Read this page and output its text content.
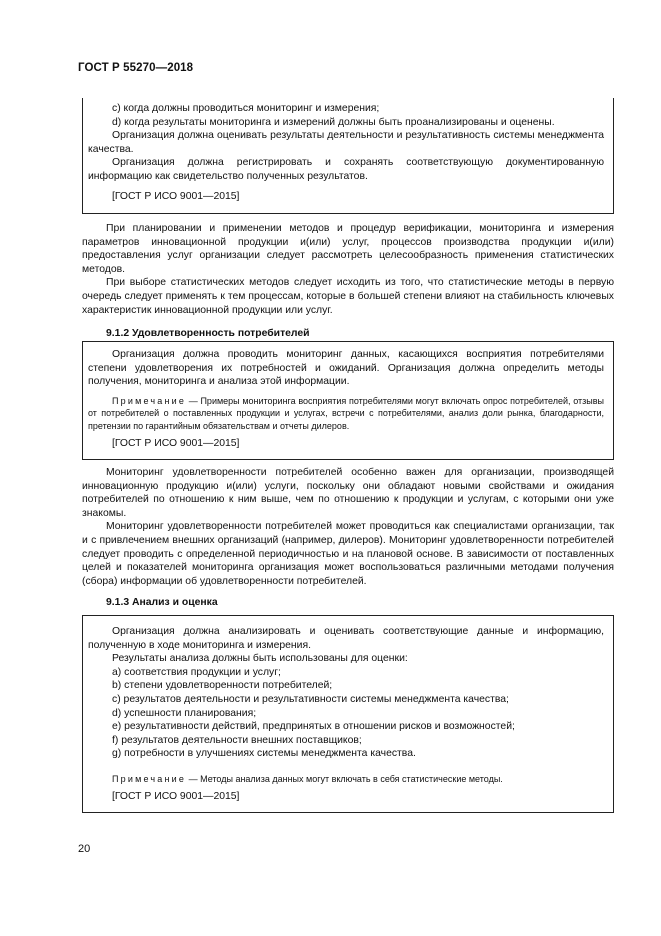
ГОСТ Р 55270—2018

c) когда должны проводиться мониторинг и измерения;

d) когда результаты мониторинга и измерений должны быть проанализированы и оценены.

Организация должна оценивать результаты деятельности и результативность системы менеджмента качества.

Организация должна регистрировать и сохранять соответствующую документированную информацию как свидетельство полученных результатов.

[ГОСТ Р ИСО 9001—2015]

При планировании и применении методов и процедур верификации, мониторинга и измерения параметров инновационной продукции и(или) услуг, процессов производства продукции и(или) предоставления услуг организации следует рассмотреть целесообразность применения статистических методов.

При выборе статистических методов следует исходить из того, что статистические методы в первую очередь следует применять к тем процессам, которые в большей степени влияют на стабильность ключевых характеристик инновационной продукции или услуг.

9.1.2 Удовлетворенность потребителей

Организация должна проводить мониторинг данных, касающихся восприятия потребителями степени удовлетворения их потребностей и ожиданий. Организация должна определить методы получения, мониторинга и анализа этой информации.

Примечание — Примеры мониторинга восприятия потребителями могут включать опрос потребителей, отзывы от потребителей о поставленных продукции и услугах, встречи с потребителями, анализ доли рынка, благодарности, претензии по гарантийным обязательствам и отчеты дилеров.

[ГОСТ Р ИСО 9001—2015]

Мониторинг удовлетворенности потребителей особенно важен для организации, производящей инновационную продукцию и(или) услуги, поскольку они обладают новыми свойствами и ожидания потребителей по отношению к ним выше, чем по отношению к продукции и услугам, с которыми они уже знакомы.

Мониторинг удовлетворенности потребителей может проводиться как специалистами организации, так и с привлечением внешних организаций (например, дилеров). Мониторинг удовлетворенности потребителей следует проводить с определенной периодичностью и на плановой основе. В зависимости от поставленных целей и показателей мониторинга организация может воспользоваться различными методами получения (сбора) информации об удовлетворенности потребителей.

9.1.3 Анализ и оценка

Организация должна анализировать и оценивать соответствующие данные и информацию, полученную в ходе мониторинга и измерения.

Результаты анализа должны быть использованы для оценки:

a) соответствия продукции и услуг;

b) степени удовлетворенности потребителей;

c) результатов деятельности и результативности системы менеджмента качества;

d) успешности планирования;

e) результативности действий, предпринятых в отношении рисков и возможностей;

f) результатов деятельности внешних поставщиков;

g) потребности в улучшениях системы менеджмента качества.

Примечание — Методы анализа данных могут включать в себя статистические методы.

[ГОСТ Р ИСО 9001—2015]

20
